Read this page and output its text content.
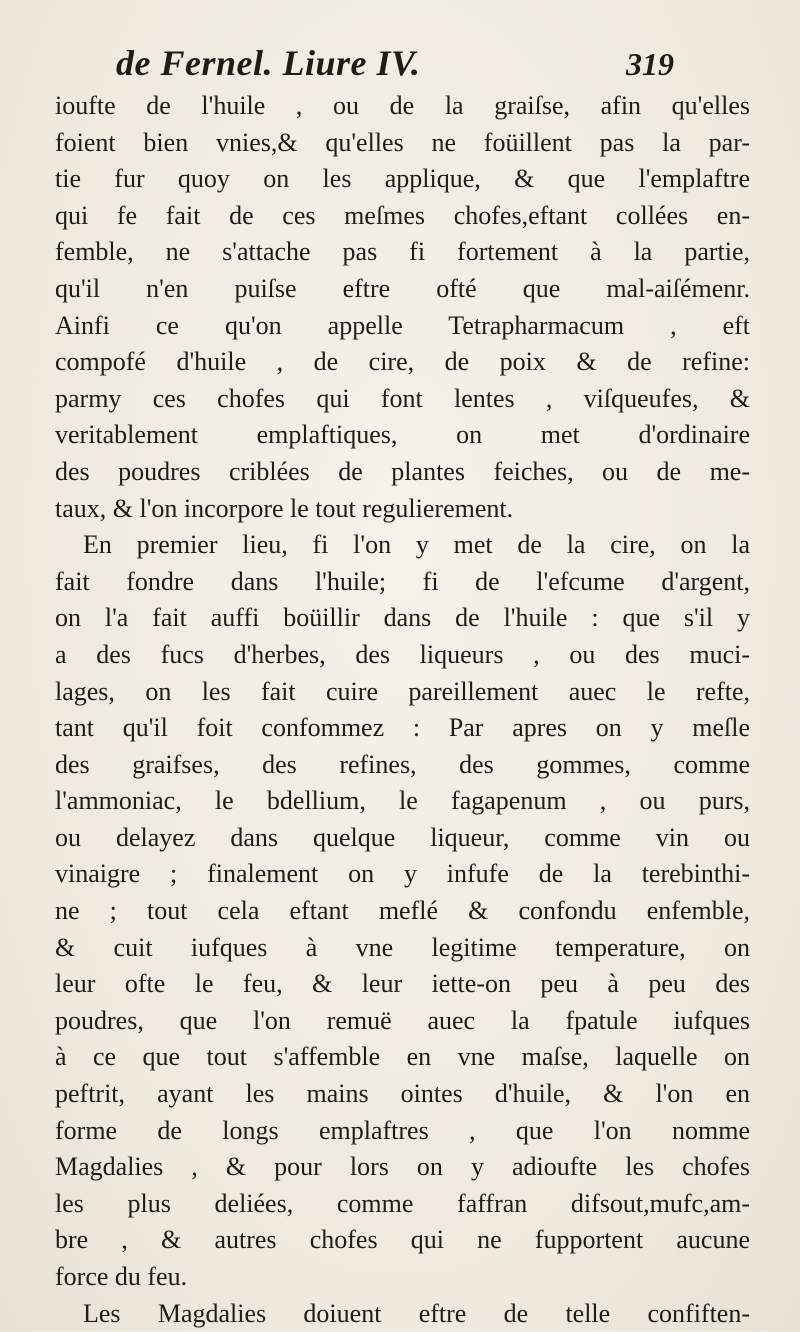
de Fernel. Liure IV.	319
ioufte de l'huile , ou de la graiſse, afin qu'elles
foient bien vnies,& qu'elles ne foüillent pas la par-
tie fur quoy on les applique, & que l'emplaftre
qui fe fait de ces meſmes chofes,eftant collées en-
femble, ne s'attache pas fi fortement à la partie,
qu'il n'en puiſse eftre ofté que mal-aiſémenr.
Ainfi ce qu'on appelle Tetrapharmacum , eft
compofé d'huile , de cire, de poix & de refine:
parmy ces chofes qui font lentes , viſqueufes, &
veritablement emplaftiques, on met d'ordinaire
des poudres criblées de plantes feiches, ou de me-
taux, & l'on incorpore le tout regulierement.
En premier lieu, fi l'on y met de la cire, on la
fait fondre dans l'huile; fi de l'efcume d'argent,
on l'a fait auffi boüillir dans de l'huile : que s'il y
a des fucs d'herbes, des liqueurs , ou des muci-
lages, on les fait cuire pareillement auec le refte,
tant qu'il foit confommez : Par apres on y meſle
des graifses, des refines, des gommes, comme
l'ammoniac, le bdellium, le fagapenum , ou purs,
ou delayez dans quelque liqueur, comme vin ou
vinaigre ; finalement on y infufe de la terebinthi-
ne ; tout cela eftant meflé & confondu enfemble,
& cuit iufques à vne legitime temperature, on
leur ofte le feu, & leur iette-on peu à peu des
poudres, que l'on remuë auec la fpatule iufques
à ce que tout s'affemble en vne maſse, laquelle on
peftrit, ayant les mains ointes d'huile, & l'on en
forme de longs emplaftres , que l'on nomme
Magdalies , & pour lors on y adioufte les chofes
les plus deliées, comme faffran difsout,mufc,am-
bre , & autres chofes qui ne fupportent aucune
force du feu.
Les Magdalies doiuent eftre de telle confiften-
